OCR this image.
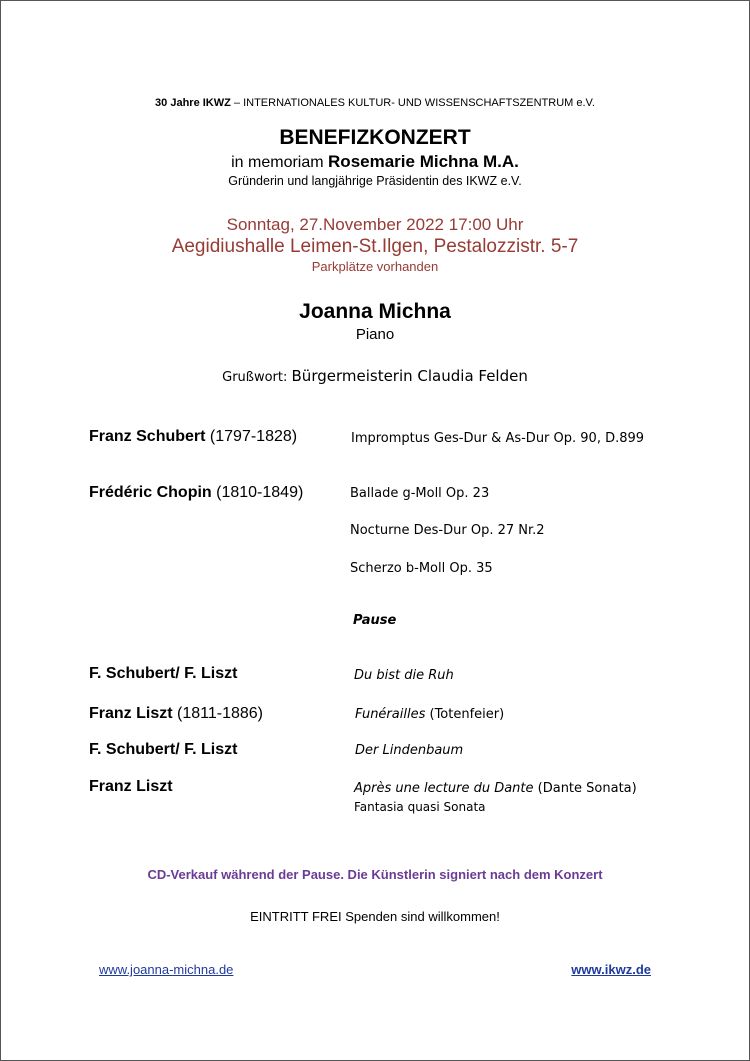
30 Jahre IKWZ – INTERNATIONALES KULTUR- UND WISSENSCHAFTSZENTRUM e.V.
BENEFIZKONZERT
in memoriam Rosemarie Michna M.A.
Gründerin und langjährige Präsidentin des IKWZ e.V.
Sonntag, 27.November 2022 17:00 Uhr
Aegidiushalle Leimen-St.Ilgen, Pestalozzistr. 5-7
Parkplätze vorhanden
Joanna Michna
Piano
Grußwort: Bürgermeisterin Claudia Felden
Franz Schubert (1797-1828)	Impromptus Ges-Dur & As-Dur Op. 90, D.899
Frédéric Chopin (1810-1849)	Ballade g-Moll Op. 23
Nocturne Des-Dur Op. 27 Nr.2
Scherzo b-Moll Op. 35
Pause
F. Schubert/ F. Liszt	Du bist die Ruh
Franz Liszt (1811-1886)	Funérailles (Totenfeier)
F. Schubert/ F. Liszt	Der Lindenbaum
Franz Liszt	Après une lecture du Dante (Dante Sonata)
Fantasia quasi Sonata
CD-Verkauf während der Pause. Die Künstlerin signiert nach dem Konzert
EINTRITT FREI Spenden sind willkommen!
www.joanna-michna.de	www.ikwz.de
